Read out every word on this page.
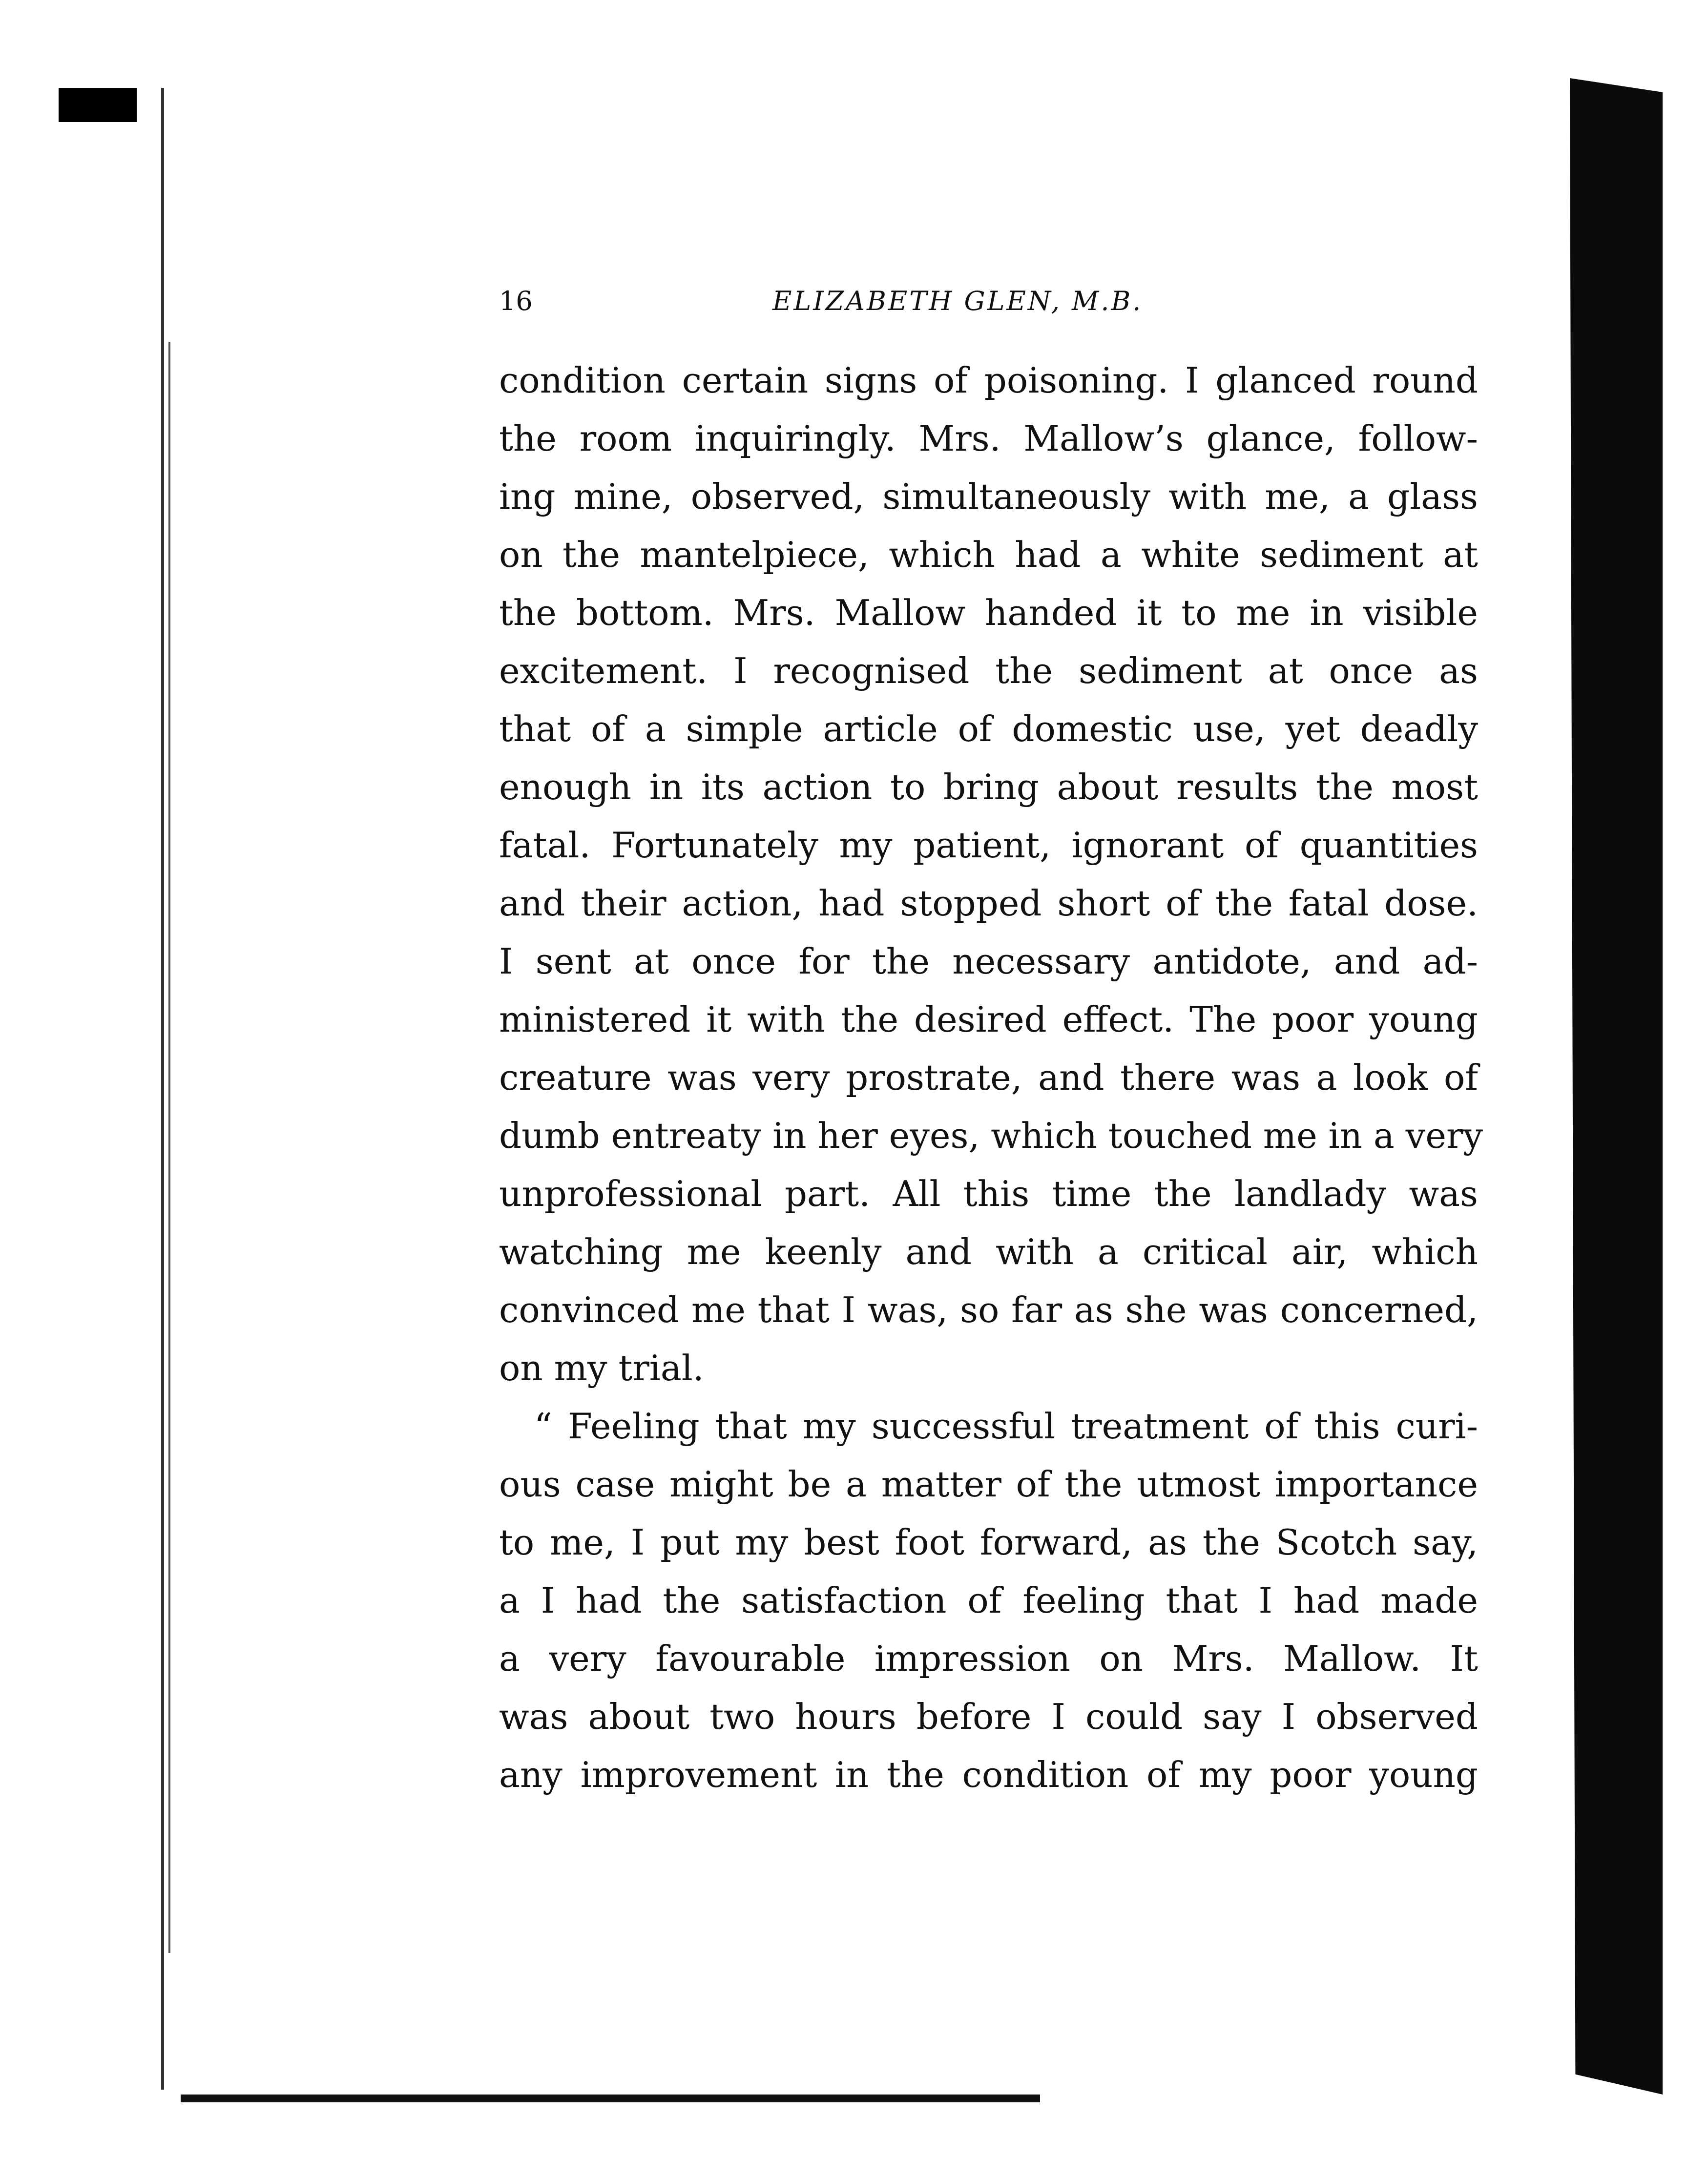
16	ELIZABETH GLEN, M.B.
condition certain signs of poisoning. I glanced round
the room inquiringly. Mrs. Mallow’s glance, follow-
ing mine, observed, simultaneously with me, a glass
on the mantelpiece, which had a white sediment at
the bottom. Mrs. Mallow handed it to me in visible
excitement. I recognised the sediment at once as
that of a simple article of domestic use, yet deadly
enough in its action to bring about results the most
fatal. Fortunately my patient, ignorant of quantities
and their action, had stopped short of the fatal dose.
I sent at once for the necessary antidote, and ad-
ministered it with the desired effect. The poor young
creature was very prostrate, and there was a look of
dumb entreaty in her eyes, which touched me in a very
unprofessional part. All this time the landlady was
watching me keenly and with a critical air, which
convinced me that I was, so far as she was concerned,
on my trial.
“ Feeling that my successful treatment of this curi-
ous case might be a matter of the utmost importance
to me, I put my best foot forward, as the Scotch say,
a I had the satisfaction of feeling that I had made
a very favourable impression on Mrs. Mallow. It
was about two hours before I could say I observed
any improvement in the condition of my poor young
